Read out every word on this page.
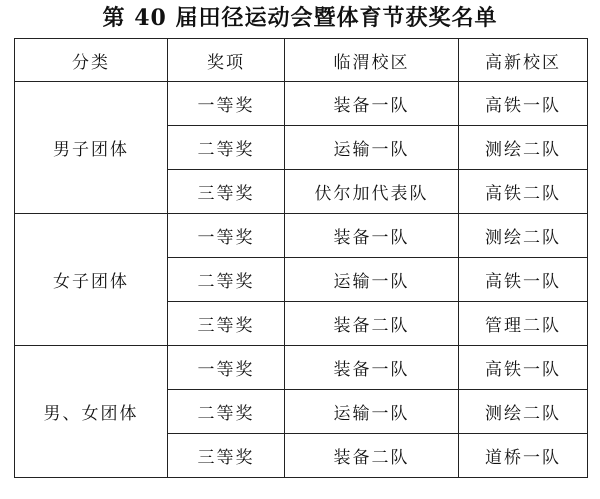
第 40 届田径运动会暨体育节获奖名单
分类	奖项	临渭校区	高新校区
男子团体	一等奖	装备一队	高铁一队
	二等奖	运输一队	测绘二队
	三等奖	伏尔加代表队	高铁二队
女子团体	一等奖	装备一队	测绘二队
	二等奖	运输一队	高铁一队
	三等奖	装备二队	管理二队
男、女团体	一等奖	装备一队	高铁一队
	二等奖	运输一队	测绘二队
	三等奖	装备二队	道桥一队
